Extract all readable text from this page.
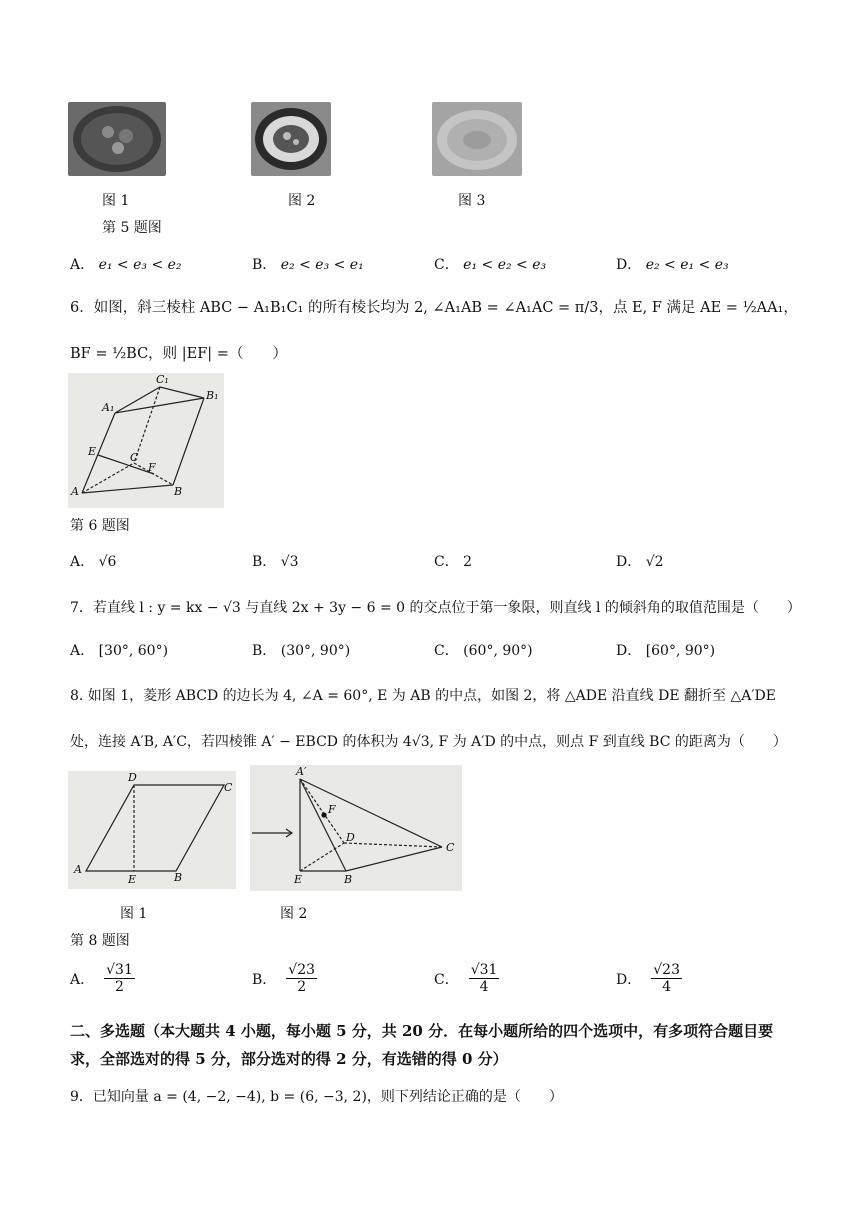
图 1	图 2	图 3
第 5 题图
A． e₁ < e₃ < e₂	B． e₂ < e₃ < e₁	C． e₁ < e₂ < e₃	D． e₂ < e₁ < e₃
6．如图，斜三棱柱 ABC − A₁B₁C₁ 的所有棱长均为 2, ∠A₁AB = ∠A₁AC = π/3，点 E, F 满足 AE = ½AA₁，
BF = ½BC，则 |EF| =（　　）
C₁
A₁
B₁
E	C
F
A	B
第 6 题图
A． √6	B． √3	C． 2	D． √2
7．若直线 l : y = kx − √3 与直线 2x + 3y − 6 = 0 的交点位于第一象限，则直线 l 的倾斜角的取值范围是（　　）
A． [30°, 60°)	B． (30°, 90°)	C． (60°, 90°)	D． [60°, 90°)
8. 如图 1，菱形 ABCD 的边长为 4, ∠A = 60°, E 为 AB 的中点，如图 2，将 △ADE 沿直线 DE 翻折至 △A′DE
处，连接 A′B, A′C，若四棱锥 A′ − EBCD 的体积为 4√3, F 为 A′D 的中点，则点 F 到直线 BC 的距离为（　　）
D
C
A
E	B
A′
F
D
C
E	B
图 1	图 2
第 8 题图
A． $\frac{√31}{2}$	B． $\frac{√23}{2}$	C． $\frac{√31}{4}$	D． $\frac{√23}{4}$
二、多选题（本大题共 4 小题，每小题 5 分，共 20 分．在每小题所给的四个选项中，有多项符合题目要求，全部选对的得 5 分，部分选对的得 2 分，有选错的得 0 分）
9．已知向量 a = (4, −2, −4), b = (6, −3, 2)，则下列结论正确的是（　　）
